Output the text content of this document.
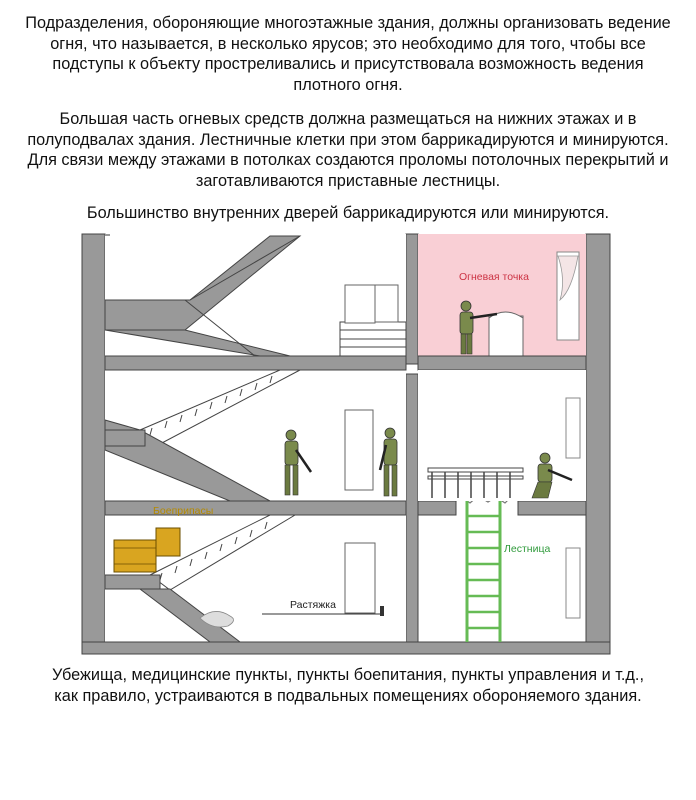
Подразделения, обороняющие многоэтажные здания, должны организовать ведение огня, что называется, в несколько ярусов; это необходимо для того, чтобы все подступы к объекту простреливались и присутствовала возможность ведения плотного огня.

Большая часть огневых средств должна размещаться на нижних этажах и в полуподвалах здания. Лестничные клетки при этом баррикадируются и минируются. Для связи между этажами в потолках создаются проломы потолочных перекрытий и заготавливаются приставные лестницы.

Большинство внутренних дверей баррикадируются или минируются.

Огневая точка
Боеприпасы
Лестница
Растяжка

Убежища, медицинские пункты, пункты боепитания, пункты управления и т.д., как правило, устраиваются в подвальных помещениях обороняемого здания.
